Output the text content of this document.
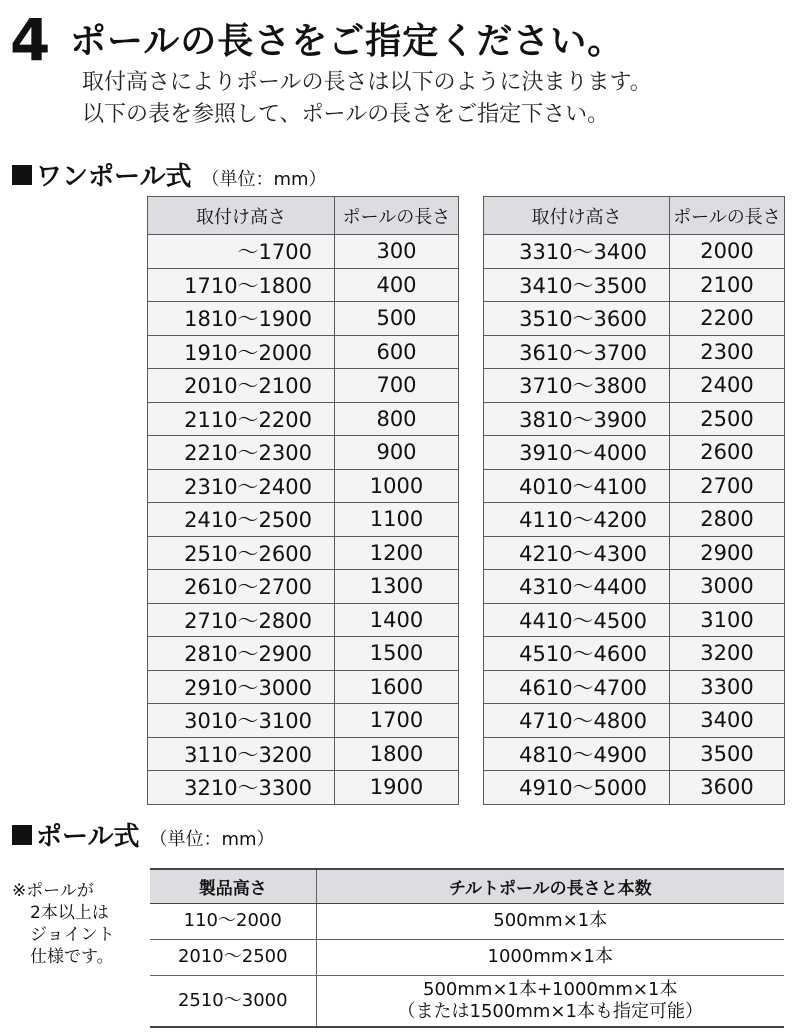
4 ポールの長さをご指定ください。
取付高さによりポールの長さは以下のように決まります。
以下の表を参照して、ポールの長さをご指定下さい。
ワンポール式 （単位：mm）
取付け高さ	ポールの長さ
〜1700	300
1710〜1800	400
1810〜1900	500
1910〜2000	600
2010〜2100	700
2110〜2200	800
2210〜2300	900
2310〜2400	1000
2410〜2500	1100
2510〜2600	1200
2610〜2700	1300
2710〜2800	1400
2810〜2900	1500
2910〜3000	1600
3010〜3100	1700
3110〜3200	1800
3210〜3300	1900
取付け高さ	ポールの長さ
3310〜3400	2000
3410〜3500	2100
3510〜3600	2200
3610〜3700	2300
3710〜3800	2400
3810〜3900	2500
3910〜4000	2600
4010〜4100	2700
4110〜4200	2800
4210〜4300	2900
4310〜4400	3000
4410〜4500	3100
4510〜4600	3200
4610〜4700	3300
4710〜4800	3400
4810〜4900	3500
4910〜5000	3600
ポール式 （単位：mm）
※ポールが
2本以上は
ジョイント
仕様です。
製品高さ	チルトポールの長さと本数
110〜2000	500mm×1本

2010〜2500	1000mm×1本

2510〜3000	500mm×1本+1000mm×1本
（または1500mm×1本も指定可能）
